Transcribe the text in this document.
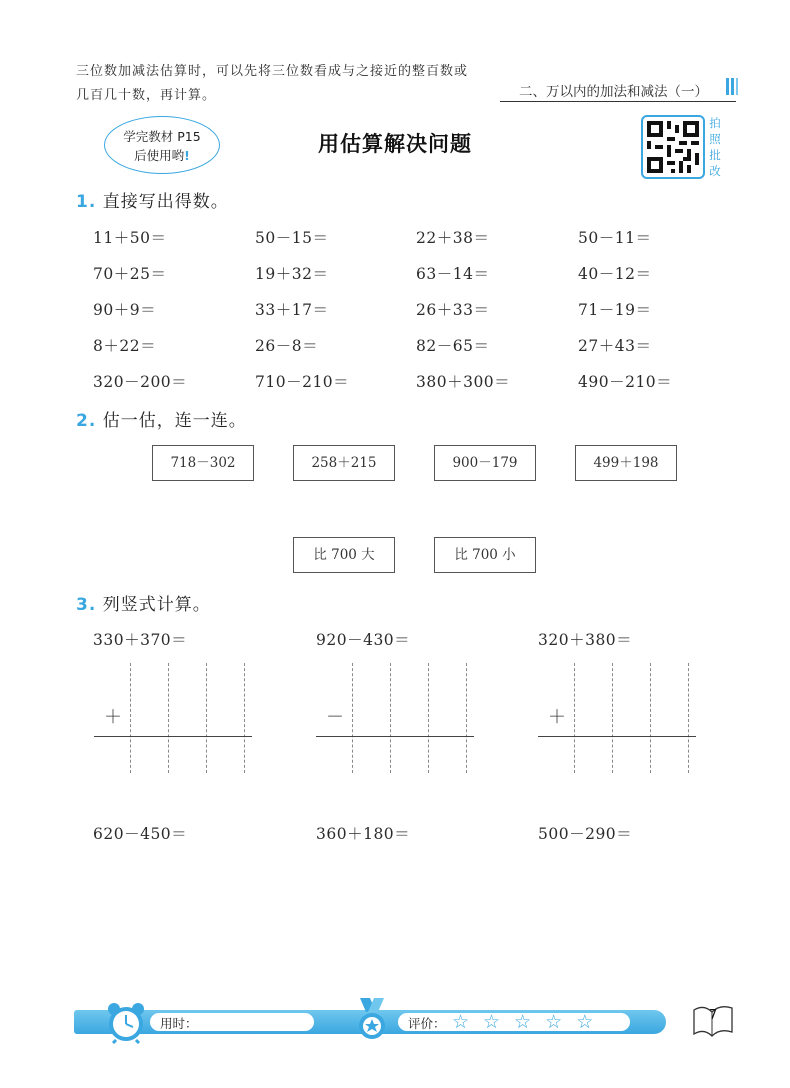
三位数加减法估算时，可以先将三位数看成与之接近的整百数或
几百几十数，再计算。	二、万以内的加法和减法（一）
学完教材 P15
后使用哟!	用估算解决问题
拍
照
批
改
1. 直接写出得数。
11＋50＝	50－15＝	22＋38＝	50－11＝
70＋25＝	19＋32＝	63－14＝	40－12＝
90＋9＝	33＋17＝	26＋33＝	71－19＝
8＋22＝	26－8＝	82－65＝	27＋43＝
320－200＝	710－210＝	380＋300＝	490－210＝
2. 估一估，连一连。
718－302	258＋215	900－179	499＋198
比 700 大	比 700 小
3. 列竖式计算。
330＋370＝	920－430＝	320＋380＝
＋	－	＋
620－450＝	360＋180＝	500－290＝
用时：	评价： ☆ ☆ ☆ ☆ ☆	7
